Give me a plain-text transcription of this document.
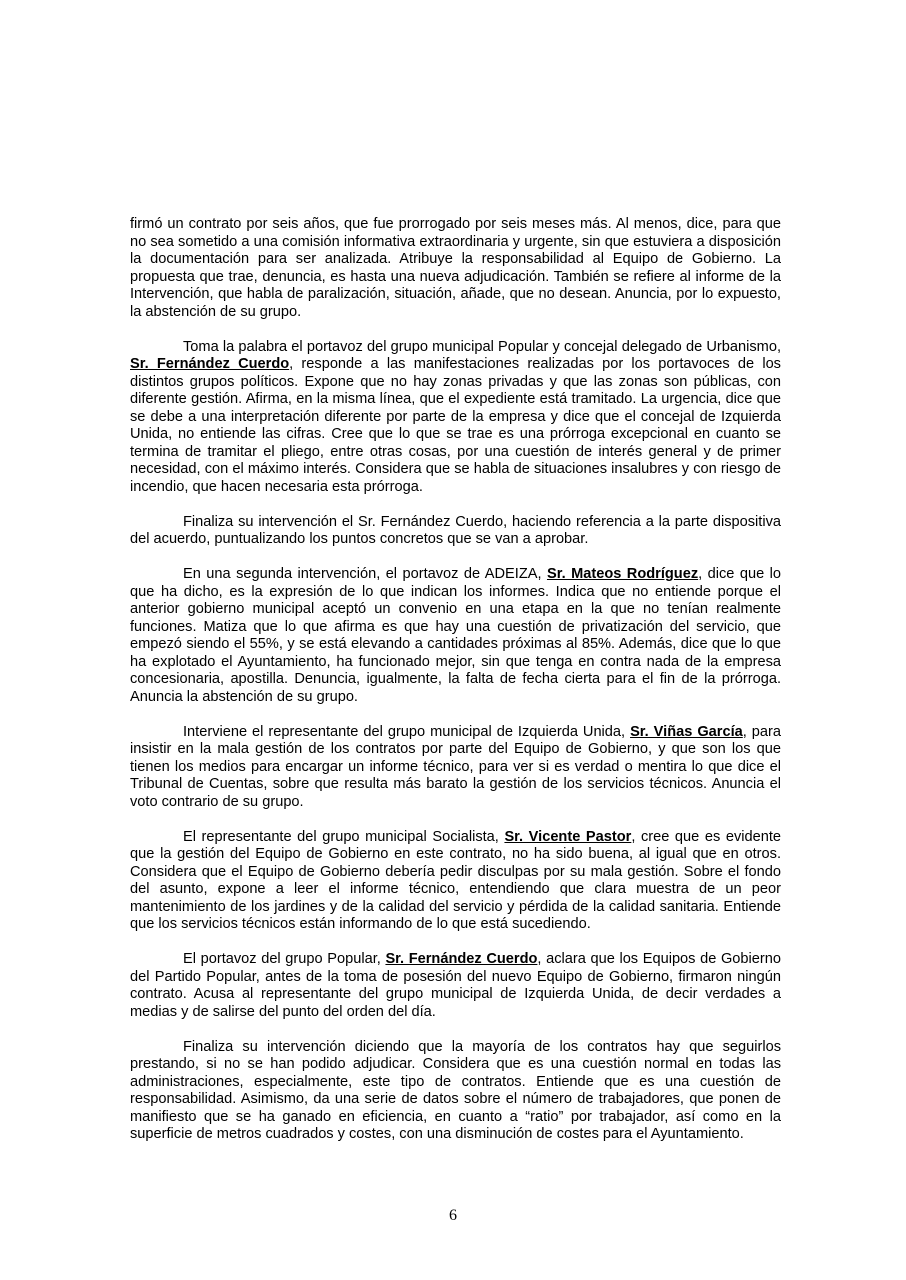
firmó un contrato por seis años, que fue prorrogado por seis meses más. Al menos, dice, para que no sea sometido a una comisión informativa extraordinaria y urgente, sin que estuviera a disposición la documentación para ser analizada. Atribuye la responsabilidad al Equipo de Gobierno. La propuesta que trae, denuncia, es hasta una nueva adjudicación. También se refiere al informe de la Intervención, que habla de paralización, situación, añade, que no desean. Anuncia, por lo expuesto, la abstención de su grupo.

Toma la palabra el portavoz del grupo municipal Popular y concejal delegado de Urbanismo, Sr. Fernández Cuerdo, responde a las manifestaciones realizadas por los portavoces de los distintos grupos políticos. Expone que no hay zonas privadas y que las zonas son públicas, con diferente gestión. Afirma, en la misma línea, que el expediente está tramitado. La urgencia, dice que se debe a una interpretación diferente por parte de la empresa y dice que el concejal de Izquierda Unida, no entiende las cifras. Cree que lo que se trae es una prórroga excepcional en cuanto se termina de tramitar el pliego, entre otras cosas, por una cuestión de interés general y de primer necesidad, con el máximo interés. Considera que se habla de situaciones insalubres y con riesgo de incendio, que hacen necesaria esta prórroga.

Finaliza su intervención el Sr. Fernández Cuerdo, haciendo referencia a la parte dispositiva del acuerdo, puntualizando los puntos concretos que se van a aprobar.

En una segunda intervención, el portavoz de ADEIZA, Sr. Mateos Rodríguez, dice que lo que ha dicho, es la expresión de lo que indican los informes. Indica que no entiende porque el anterior gobierno municipal aceptó un convenio en una etapa en la que no tenían realmente funciones. Matiza que lo que afirma es que hay una cuestión de privatización del servicio, que empezó siendo el 55%, y se está elevando a cantidades próximas al 85%. Además, dice que lo que ha explotado el Ayuntamiento, ha funcionado mejor, sin que tenga en contra nada de la empresa concesionaria, apostilla. Denuncia, igualmente, la falta de fecha cierta para el fin de la prórroga. Anuncia la abstención de su grupo.

Interviene el representante del grupo municipal de Izquierda Unida, Sr. Viñas García, para insistir en la mala gestión de los contratos por parte del Equipo de Gobierno, y que son los que tienen los medios para encargar un informe técnico, para ver si es verdad o mentira lo que dice el Tribunal de Cuentas, sobre que resulta más barato la gestión de los servicios técnicos. Anuncia el voto contrario de su grupo.

El representante del grupo municipal Socialista, Sr. Vicente Pastor, cree que es evidente que la gestión del Equipo de Gobierno en este contrato, no ha sido buena, al igual que en otros. Considera que el Equipo de Gobierno debería pedir disculpas por su mala gestión. Sobre el fondo del asunto, expone a leer el informe técnico, entendiendo que clara muestra de un peor mantenimiento de los jardines y de la calidad del servicio y pérdida de la calidad sanitaria. Entiende que los servicios técnicos están informando de lo que está sucediendo.

El portavoz del grupo Popular, Sr. Fernández Cuerdo, aclara que los Equipos de Gobierno del Partido Popular, antes de la toma de posesión del nuevo Equipo de Gobierno, firmaron ningún contrato. Acusa al representante del grupo municipal de Izquierda Unida, de decir verdades a medias y de salirse del punto del orden del día.

Finaliza su intervención diciendo que la mayoría de los contratos hay que seguirlos prestando, si no se han podido adjudicar. Considera que es una cuestión normal en todas las administraciones, especialmente, este tipo de contratos. Entiende que es una cuestión de responsabilidad. Asimismo, da una serie de datos sobre el número de trabajadores, que ponen de manifiesto que se ha ganado en eficiencia, en cuanto a “ratio” por trabajador, así como en la superficie de metros cuadrados y costes, con una disminución de costes para el Ayuntamiento.

6
